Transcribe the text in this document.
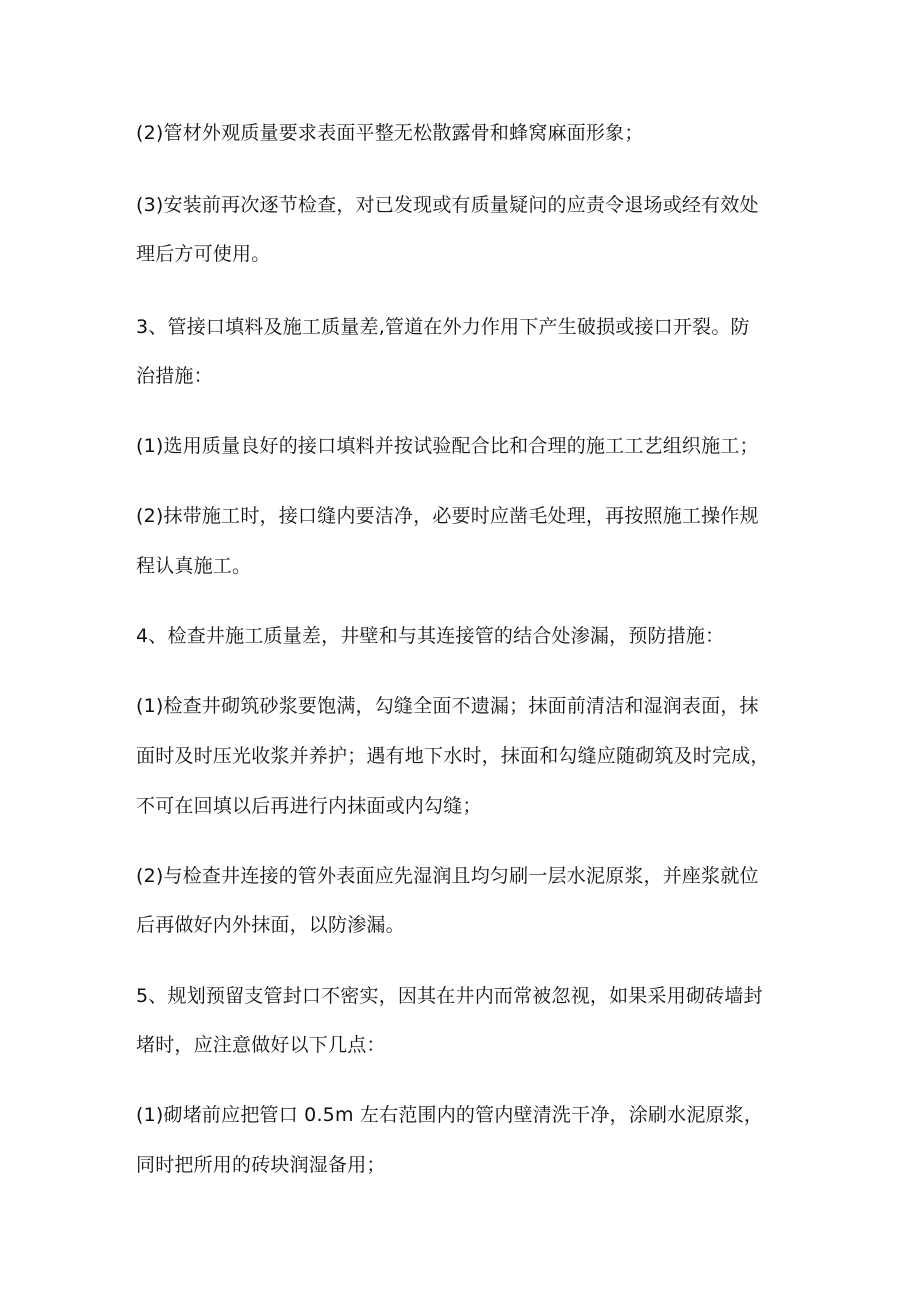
(2)管材外观质量要求表面平整无松散露骨和蜂窝麻面形象；
(3)安装前再次逐节检查，对已发现或有质量疑问的应责令退场或经有效处
理后方可使用。
3、管接口填料及施工质量差,管道在外力作用下产生破损或接口开裂。防
治措施：
(1)选用质量良好的接口填料并按试验配合比和合理的施工工艺组织施工；
(2)抹带施工时，接口缝内要洁净，必要时应凿毛处理，再按照施工操作规
程认真施工。
4、检查井施工质量差，井壁和与其连接管的结合处渗漏，预防措施：
(1)检查井砌筑砂浆要饱满，勾缝全面不遗漏；抹面前清洁和湿润表面，抹
面时及时压光收浆并养护；遇有地下水时，抹面和勾缝应随砌筑及时完成，
不可在回填以后再进行内抹面或内勾缝；
(2)与检查井连接的管外表面应先湿润且均匀刷一层水泥原浆，并座浆就位
后再做好内外抹面，以防渗漏。
5、规划预留支管封口不密实，因其在井内而常被忽视，如果采用砌砖墙封
堵时，应注意做好以下几点：
(1)砌堵前应把管口 0.5m 左右范围内的管内壁清洗干净，涂刷水泥原浆，
同时把所用的砖块润湿备用；
